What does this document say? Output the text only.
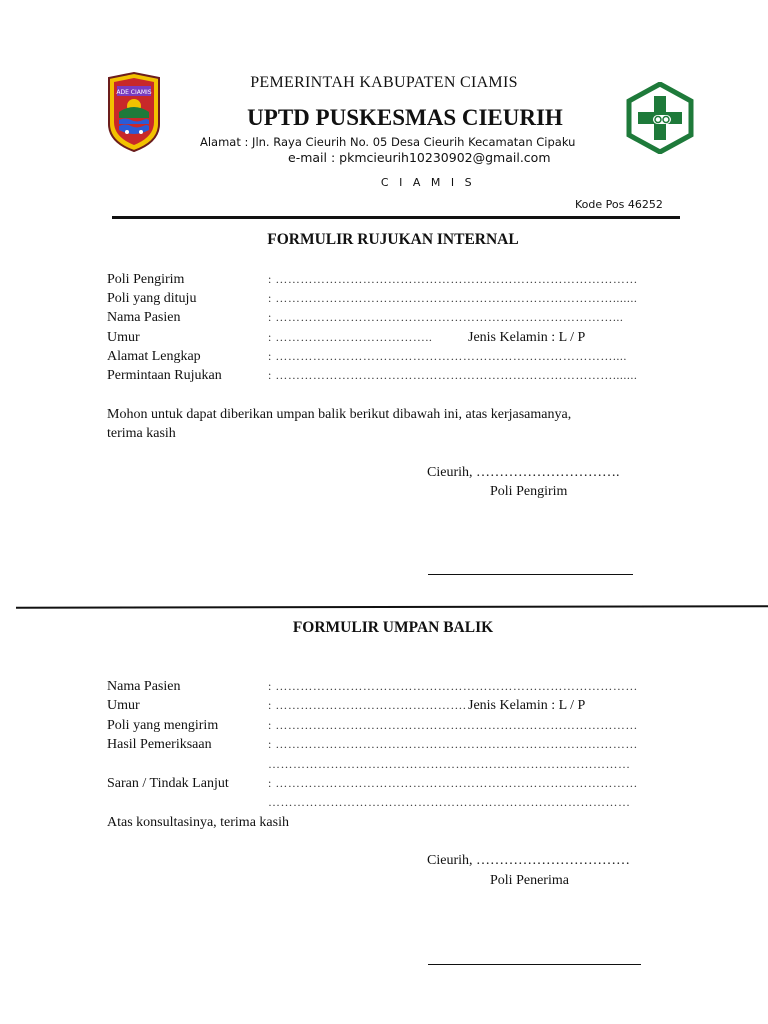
ADE CIAMIS
PEMERINTAH KABUPATEN CIAMIS
UPTD PUSKESMAS CIEURIH
Alamat : Jln. Raya Cieurih No. 05 Desa Cieurih Kecamatan Cipaku
e-mail : pkmcieurih10230902@gmail.com
C I A M I S
Kode Pos 46252
FORMULIR RUJUKAN INTERNAL
Poli Pengirim	: ……………………………………………………………………………
Poli yang dituju	: ……………………………………………………………………….......
Nama Pasien	: ………………………………………………………………………...
Umur	: ………………………………..	Jenis Kelamin : L / P
Alamat Lengkap	: ………………………………………………………………………....
Permintaan Rujukan	: ……………………………………………………………………….......
Mohon untuk dapat diberikan umpan balik berikut dibawah ini, atas kerjasamanya,
terima kasih
Cieurih, ………………………….
Poli Pengirim
FORMULIR UMPAN BALIK
Nama Pasien	: ……………………………………………………………………………
Umur	: ………………………………………. Jenis Kelamin : L / P
Poli yang mengirim	: ……………………………………………………………………………
Hasil Pemeriksaan	: ……………………………………………………………………………
……………………………………………………………………………
Saran / Tindak Lanjut	: ……………………………………………………………………………
……………………………………………………………………………
Atas konsultasinya, terima kasih
Cieurih, ……………………………
Poli Penerima
